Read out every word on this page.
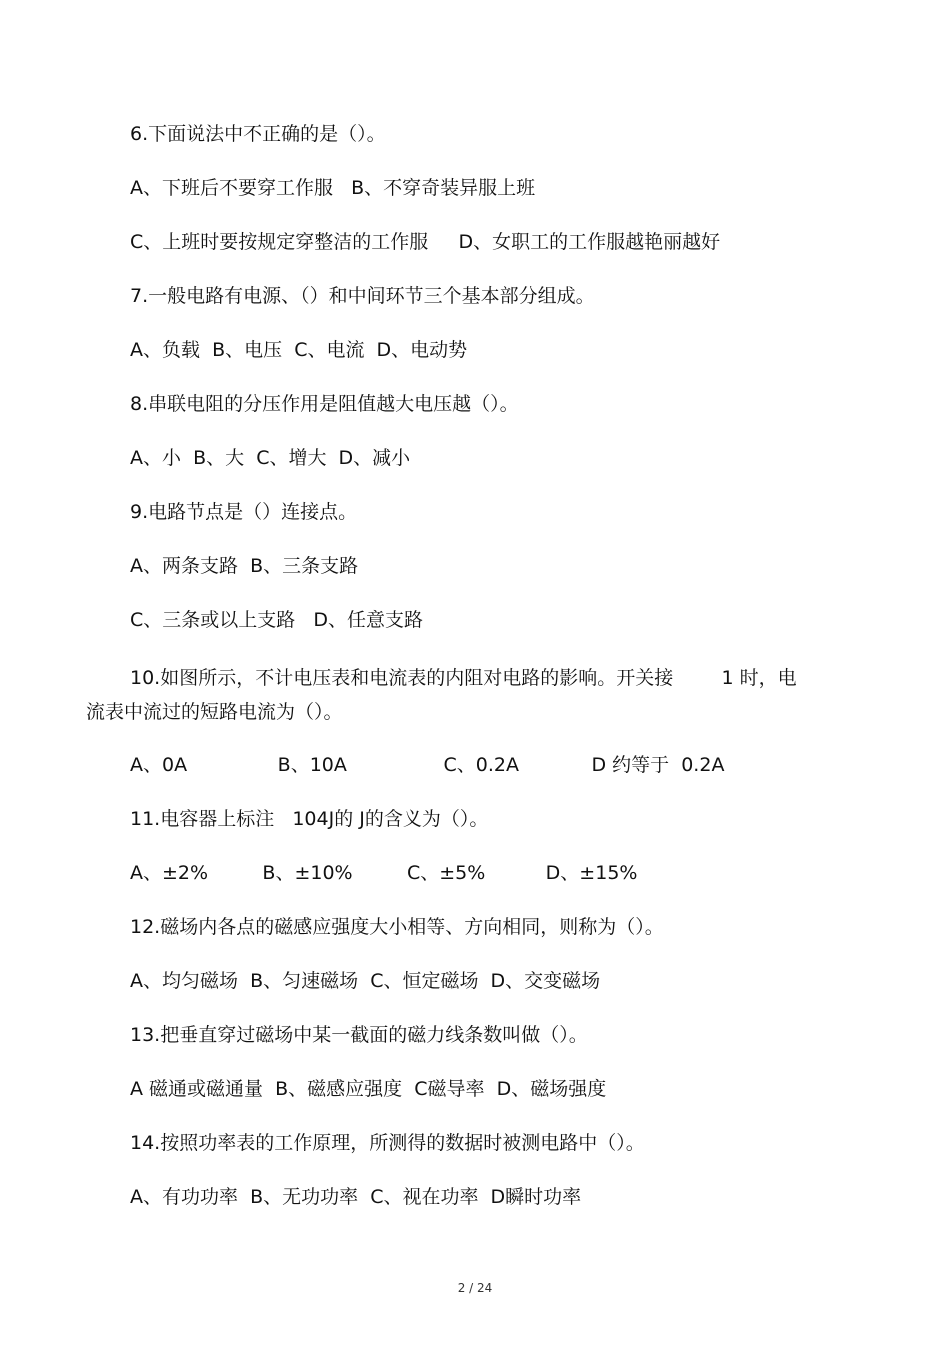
6.下面说法中不正确的是（）。

A、下班后不要穿工作服   B、不穿奇装异服上班

C、上班时要按规定穿整洁的工作服     D、女职工的工作服越艳丽越好

7.一般电路有电源、（）和中间环节三个基本部分组成。

A、负载  B、电压  C、电流  D、电动势

8.串联电阻的分压作用是阻值越大电压越（）。

A、小  B、大  C、增大  D、减小

9.电路节点是（）连接点。

A、两条支路  B、三条支路

C、三条或以上支路   D、任意支路

10.如图所示，不计电压表和电流表的内阻对电路的影响。开关接        1 时，电
流表中流过的短路电流为（）。

A、0A               B、10A                C、0.2A            D 约等于  0.2A

11.电容器上标注   104J的 J的含义为（）。

A、±2%         B、±10%         C、±5%          D、±15%

12.磁场内各点的磁感应强度大小相等、方向相同，则称为（）。

A、均匀磁场  B、匀速磁场  C、恒定磁场  D、交变磁场

13.把垂直穿过磁场中某一截面的磁力线条数叫做（）。

A 磁通或磁通量  B、磁感应强度  C磁导率  D、磁场强度

14.按照功率表的工作原理，所测得的数据时被测电路中（）。

A、有功功率  B、无功功率  C、视在功率  D瞬时功率

2 / 24
